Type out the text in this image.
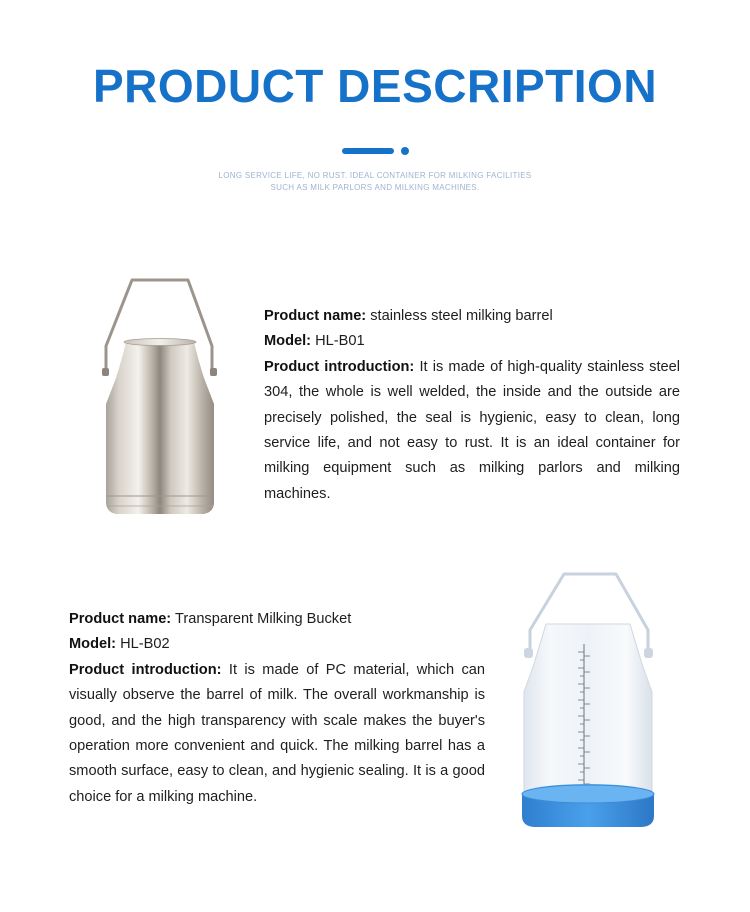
PRODUCT DESCRIPTION
LONG SERVICE LIFE, NO RUST. IDEAL CONTAINER FOR MILKING FACILITIES
SUCH AS MILK PARLORS AND MILKING MACHINES.

Product name: stainless steel milking barrel

Model: HL-B01

Product introduction: It is made of high-quality stainless steel 304, the whole is well welded, the inside and the outside are precisely polished, the seal is hygienic, easy to clean, long service life, and not easy to rust. It is an ideal container for milking equipment such as milking parlors and milking machines.

Product name: Transparent Milking Bucket

Model: HL-B02

Product introduction: It is made of PC material, which can visually observe the barrel of milk. The overall workmanship is good, and the high transparency with scale makes the buyer's operation more convenient and quick. The milking barrel has a smooth surface, easy to clean, and hygienic sealing. It is a good choice for a milking machine.
